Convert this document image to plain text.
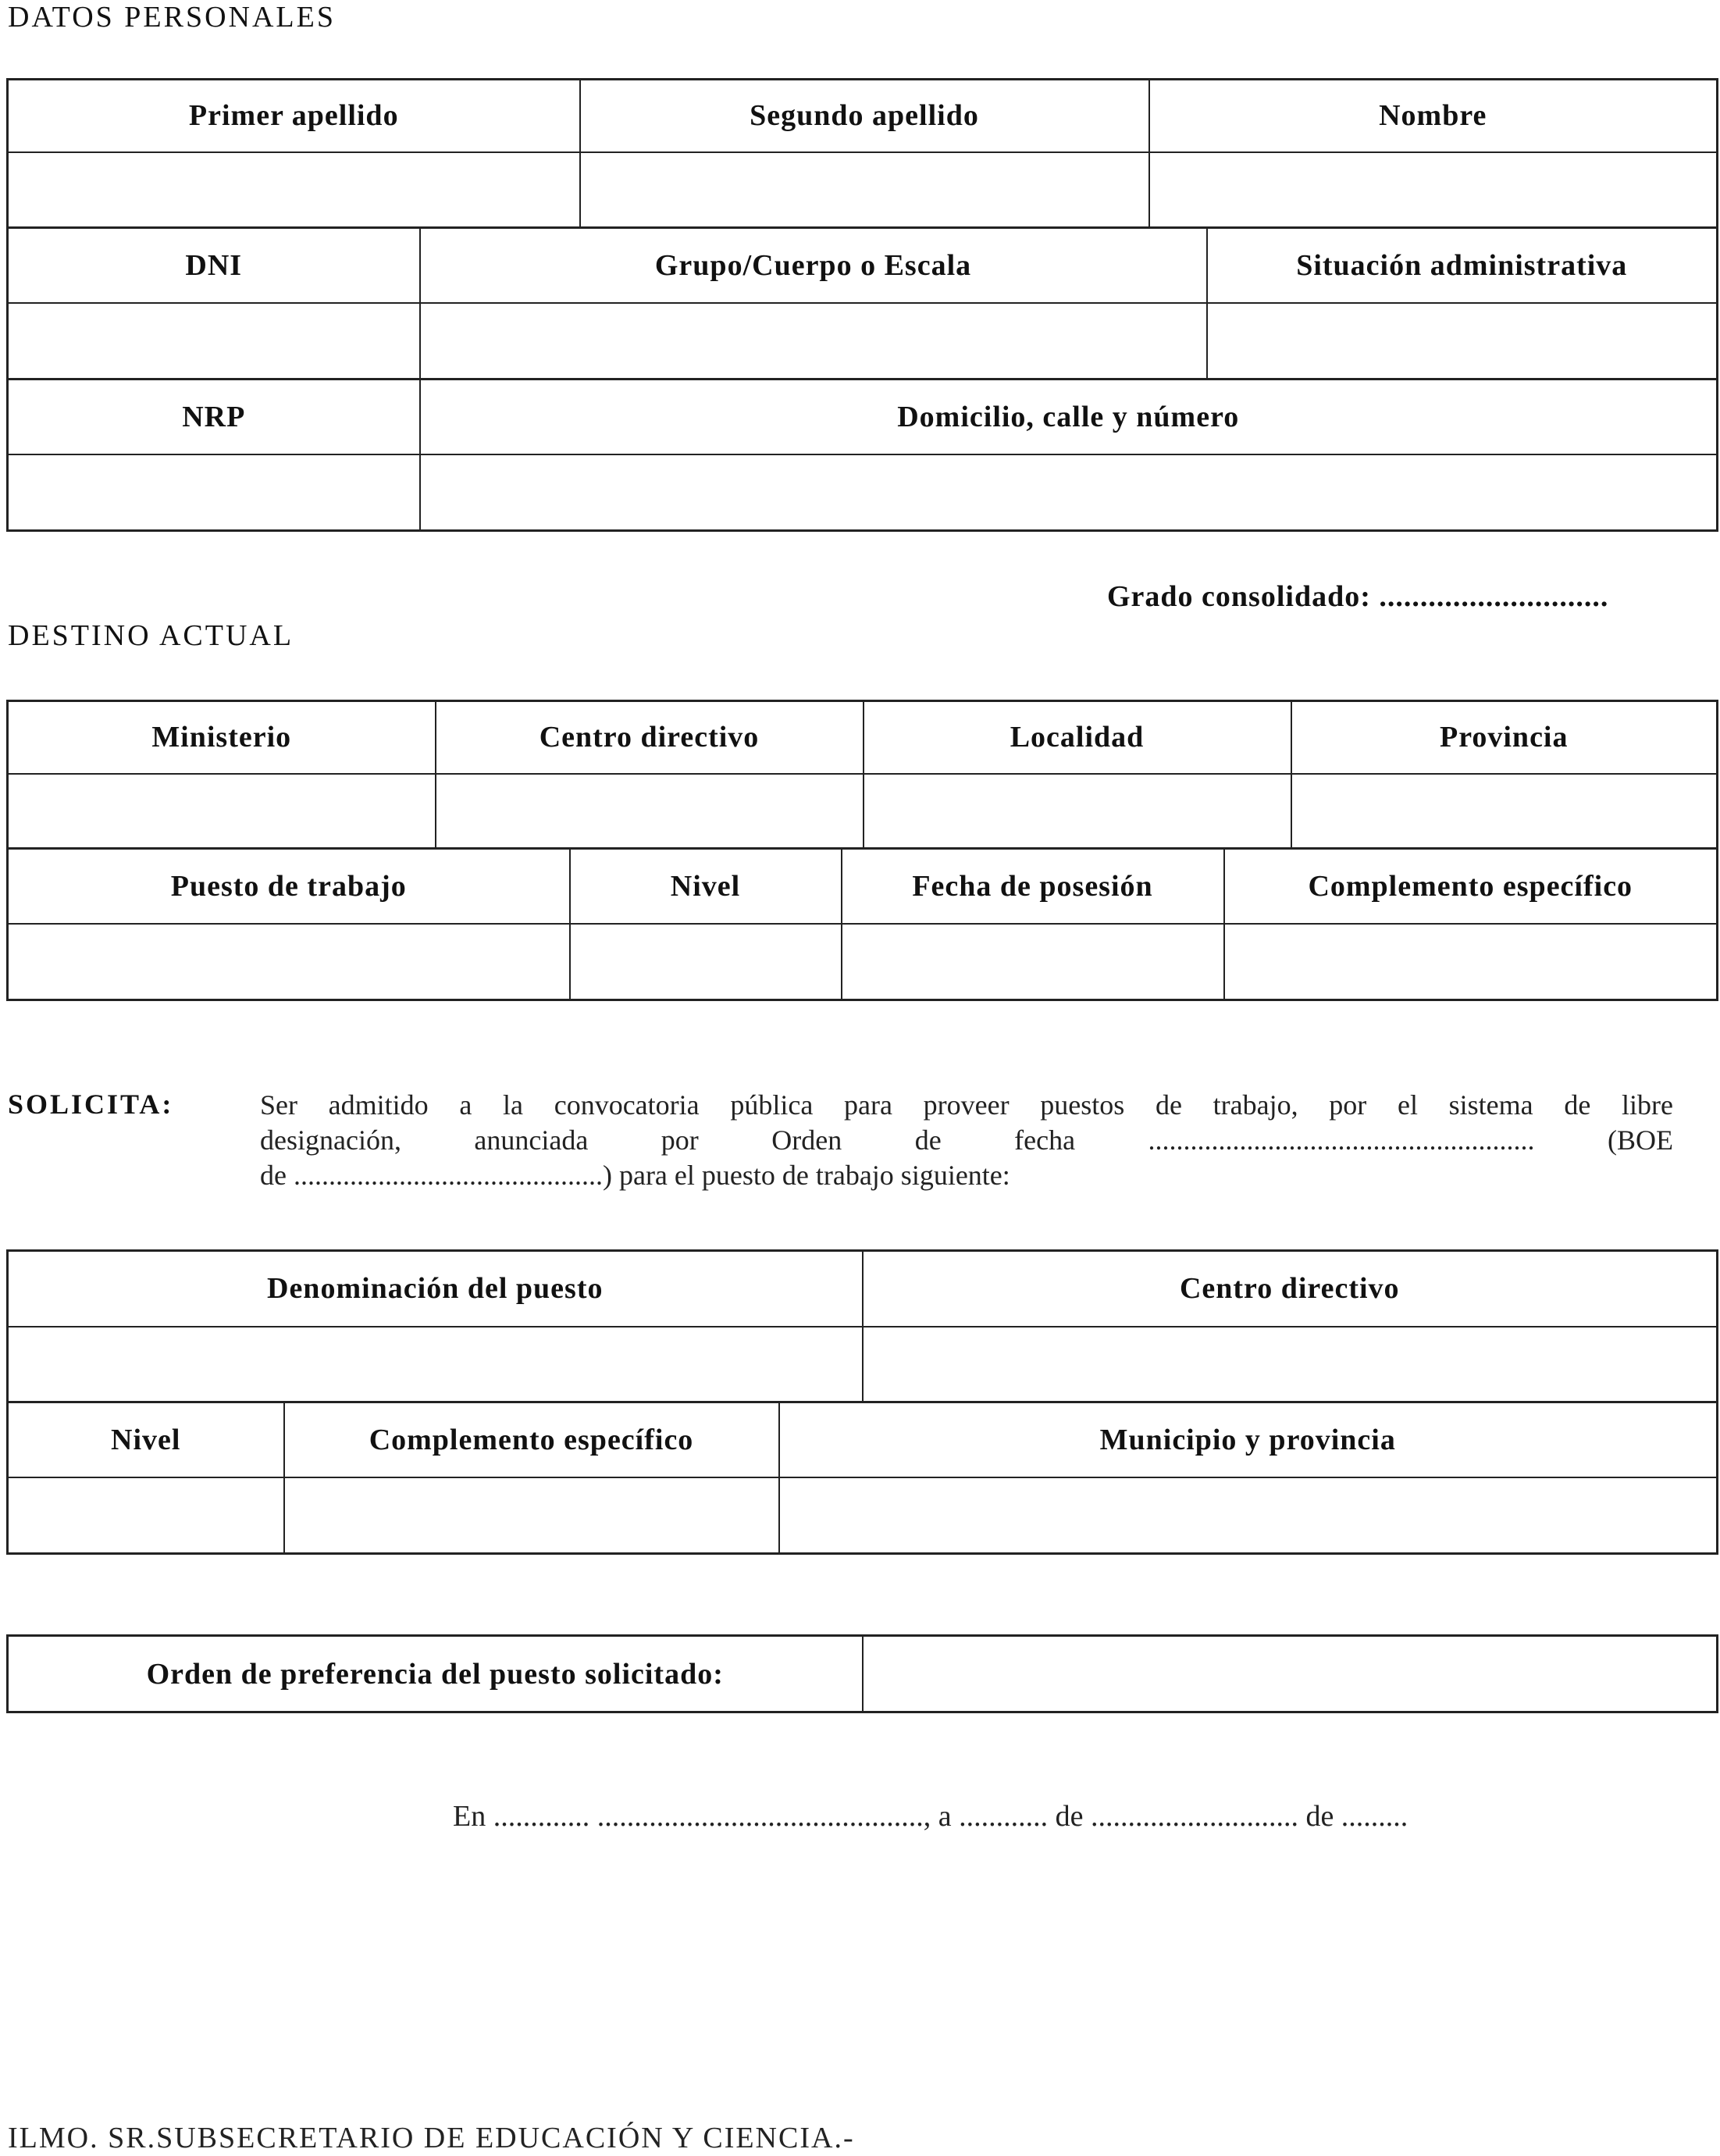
DATOS PERSONALES
Primer apellido	Segundo apellido	Nombre

DNI	Grupo/Cuerpo o Escala	Situación administrativa

NRP	Domicilio, calle y número

Grado consolidado: ............................
DESTINO ACTUAL
Ministerio	Centro directivo	Localidad	Provincia

Puesto de trabajo	Nivel	Fecha de posesión	Complemento específico

SOLICITA:	Ser admitido a la convocatoria pública para proveer puestos de trabajo, por el sistema de libre
designación, anunciada por Orden de fecha ....................................................... (BOE
de ............................................) para el puesto de trabajo siguiente:
Denominación del puesto	Centro directivo

Nivel	Complemento específico	Municipio y provincia

Orden de preferencia del puesto solicitado:	
En ............. ............................................, a ............ de ............................ de .........
ILMO. SR.SUBSECRETARIO DE EDUCACIÓN Y CIENCIA.-
